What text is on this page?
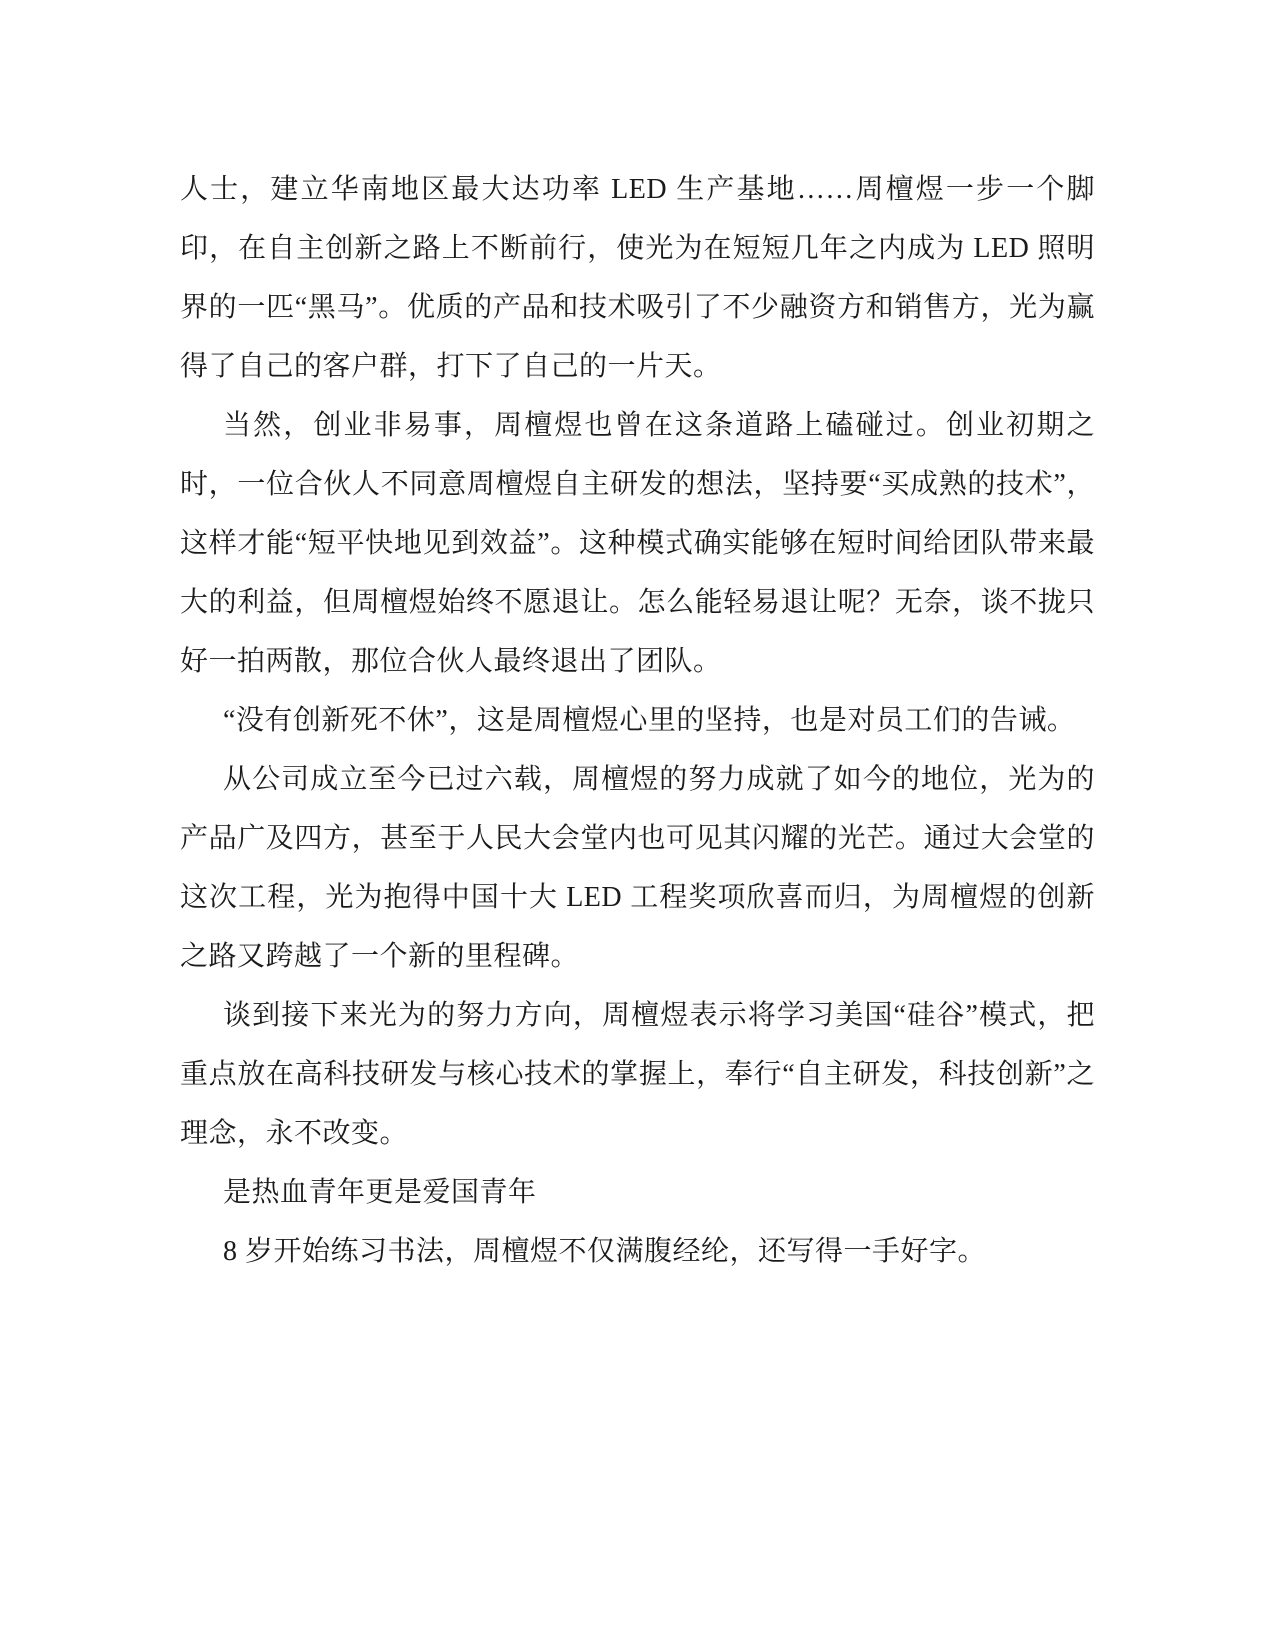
人士，建立华南地区最大达功率 LED 生产基地……周檀煜一步一个脚印，在自主创新之路上不断前行，使光为在短短几年之内成为 LED 照明界的一匹“黑马”。优质的产品和技术吸引了不少融资方和销售方，光为赢得了自己的客户群，打下了自己的一片天。

当然，创业非易事，周檀煜也曾在这条道路上磕碰过。创业初期之时，一位合伙人不同意周檀煜自主研发的想法，坚持要“买成熟的技术”，这样才能“短平快地见到效益”。这种模式确实能够在短时间给团队带来最大的利益，但周檀煜始终不愿退让。怎么能轻易退让呢？无奈，谈不拢只好一拍两散，那位合伙人最终退出了团队。

“没有创新死不休”，这是周檀煜心里的坚持，也是对员工们的告诫。

从公司成立至今已过六载，周檀煜的努力成就了如今的地位，光为的产品广及四方，甚至于人民大会堂内也可见其闪耀的光芒。通过大会堂的这次工程，光为抱得中国十大 LED 工程奖项欣喜而归，为周檀煜的创新之路又跨越了一个新的里程碑。

谈到接下来光为的努力方向，周檀煜表示将学习美国“硅谷”模式，把重点放在高科技研发与核心技术的掌握上，奉行“自主研发，科技创新”之理念，永不改变。

是热血青年更是爱国青年

8 岁开始练习书法，周檀煜不仅满腹经纶，还写得一手好字。
